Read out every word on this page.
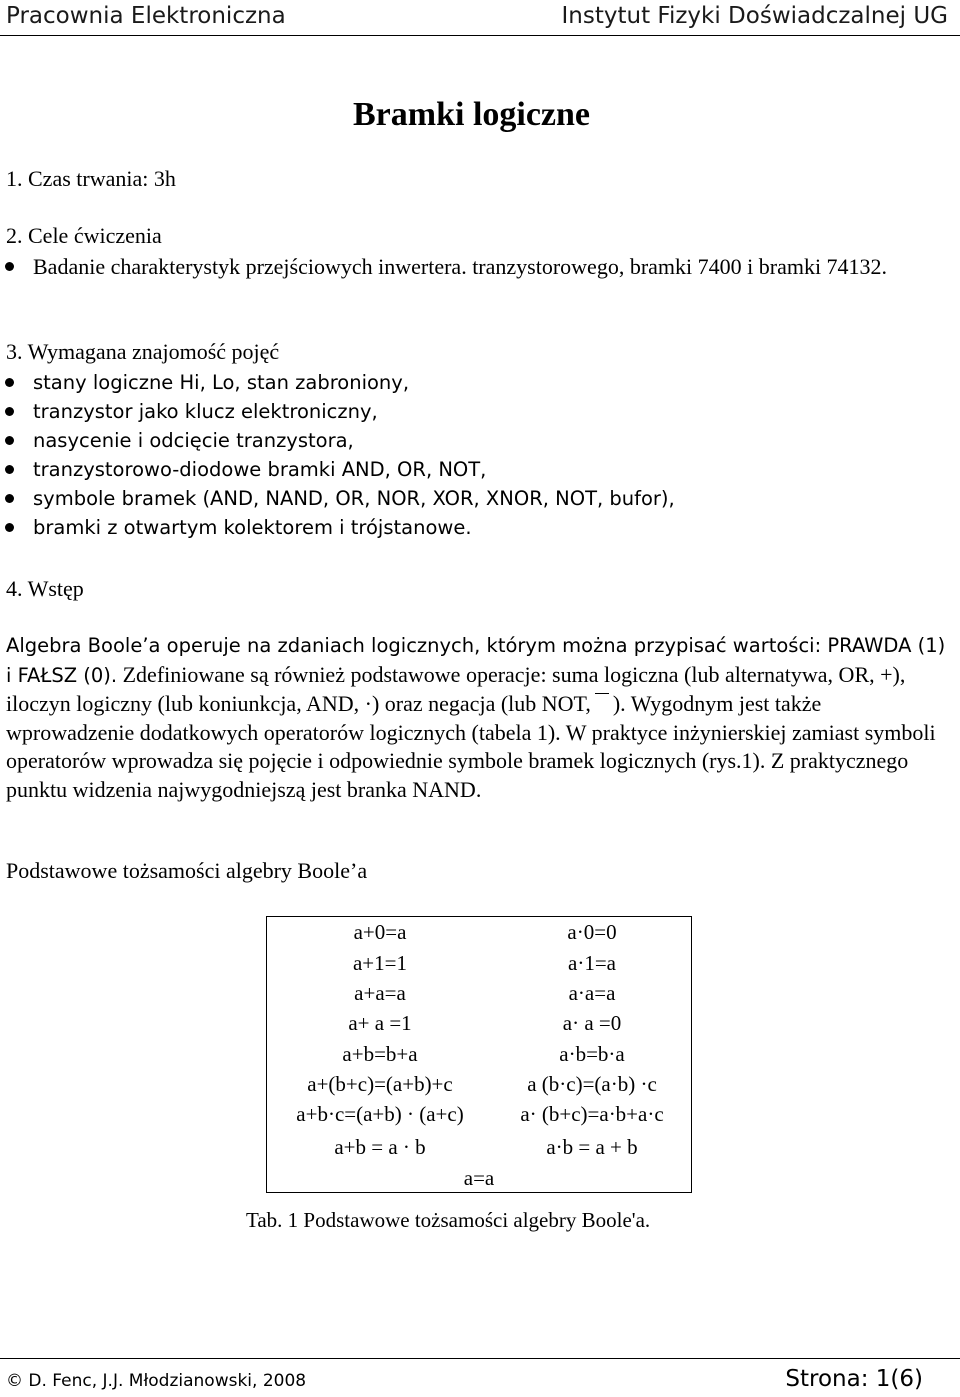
Pracownia Elektroniczna	Instytut Fizyki Doświadczalnej UG
Bramki logiczne
1. Czas trwania: 3h
2. Cele ćwiczenia
Badanie charakterystyk przejściowych inwertera. tranzystorowego, bramki 7400 i bramki 74132.
3. Wymagana znajomość pojęć
stany logiczne Hi, Lo, stan zabroniony,
tranzystor jako klucz elektroniczny,
nasycenie i odcięcie tranzystora,
tranzystorowo-diodowe bramki AND, OR, NOT,
symbole bramek (AND, NAND, OR, NOR, XOR, XNOR, NOT, bufor),
bramki z otwartym kolektorem i trójstanowe.
4. Wstęp

Algebra Boole’a operuje na zdaniach logicznych, którym można przypisać wartości: PRAWDA (1) i FAŁSZ (0). Zdefiniowane są również podstawowe operacje: suma logiczna (lub alternatywa, OR, +), iloczyn logiczny (lub koniunkcja, AND, ·) oraz negacja (lub NOT, ). Wygodnym jest także wprowadzenie dodatkowych operatorów logicznych (tabela 1). W praktyce inżynierskiej zamiast symboli operatorów wprowadza się pojęcie i odpowiednie symbole bramek logicznych (rys.1). Z praktycznego punktu widzenia najwygodniejszą jest branka NAND.

Podstawowe tożsamości algebry Boole’a

a+0=a	a·0=0
a+1=1	a·1=a
a+a=a	a·a=a
a+ a =1	a· a =0
a+b=b+a	a·b=b·a
a+(b+c)=(a+b)+c	a (b·c)=(a·b) ·c
a+b·c=(a+b) · (a+c)	a· (b+c)=a·b+a·c
a+b = a · b	a·b = a + b
a=a

Tab. 1 Podstawowe tożsamości algebry Boole'a.

© D. Fenc, J.J. Młodzianowski, 2008	Strona: 1(6)
